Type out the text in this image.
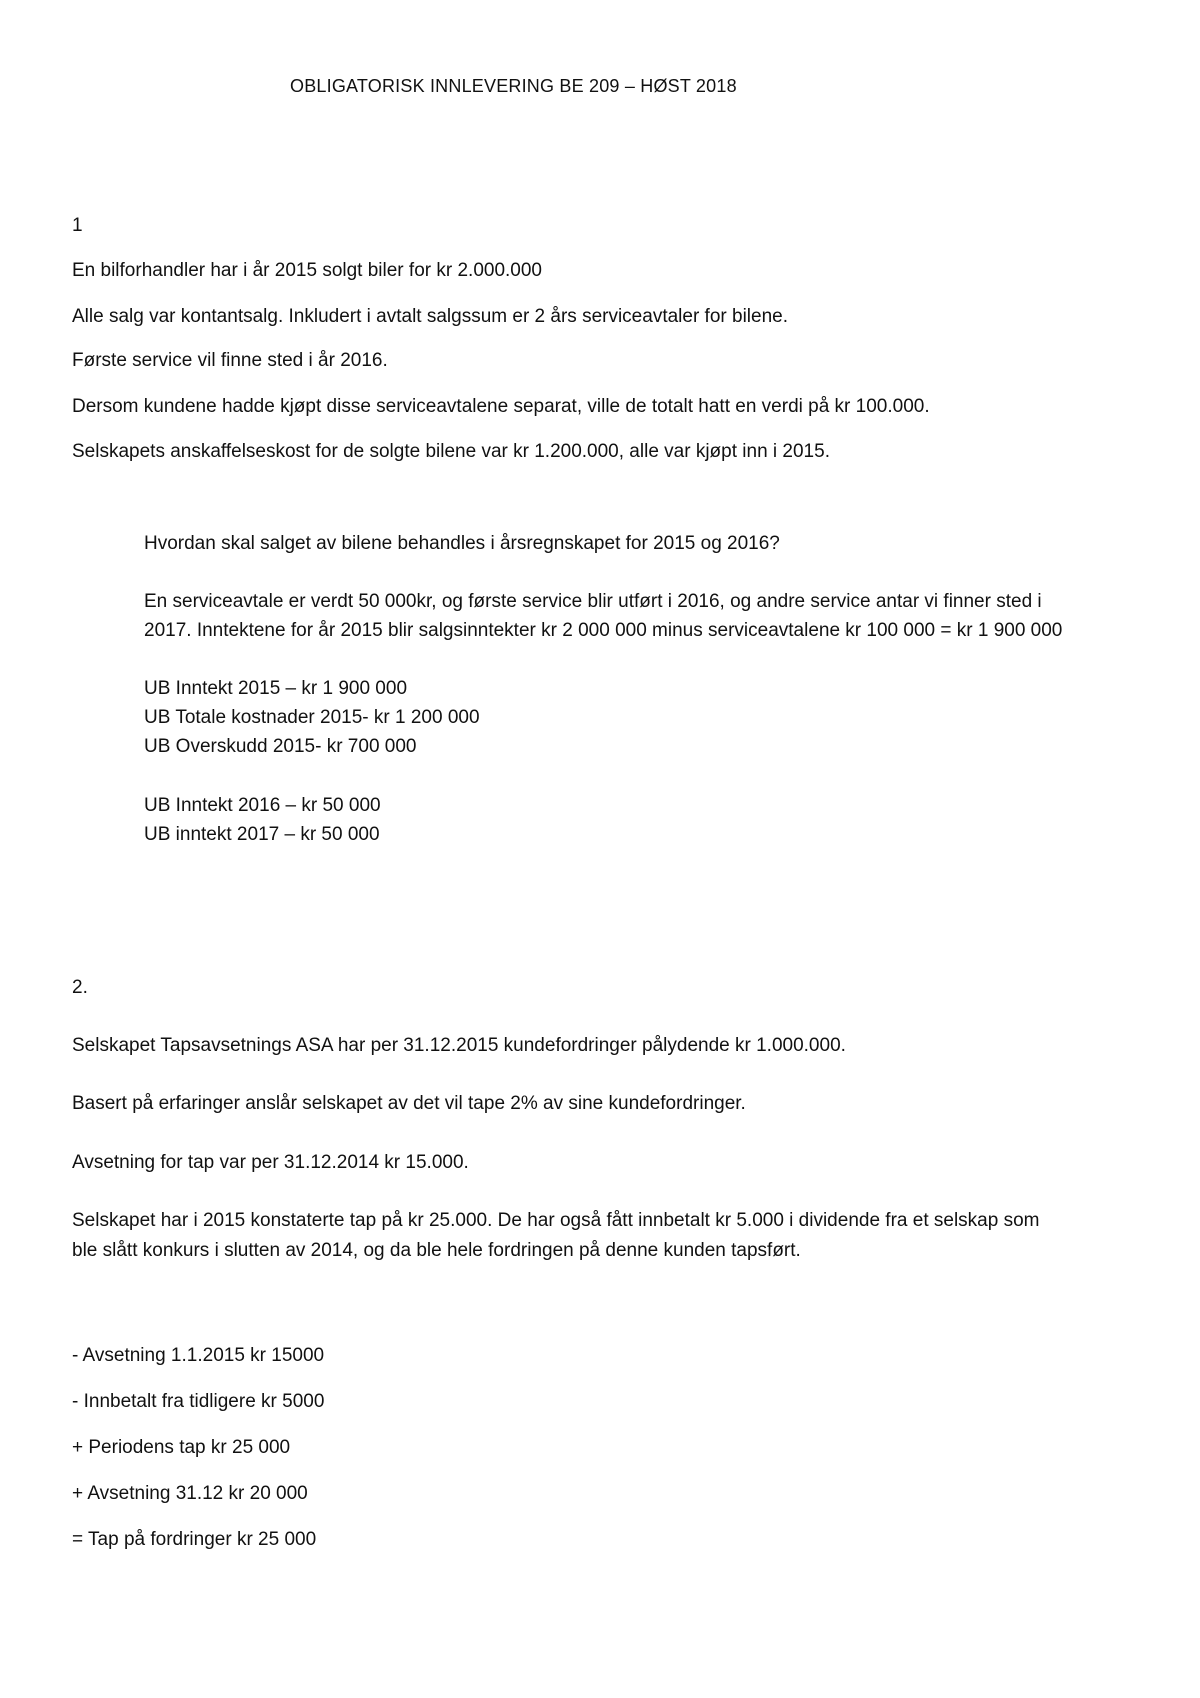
OBLIGATORISK INNLEVERING BE 209 – HØST 2018

1

En bilforhandler har i år 2015 solgt biler for kr 2.000.000

Alle salg var kontantsalg. Inkludert i avtalt salgssum er 2 års serviceavtaler for bilene.

Første service vil finne sted i år 2016.

Dersom kundene hadde kjøpt disse serviceavtalene separat, ville de totalt hatt en verdi på kr 100.000.

Selskapets anskaffelseskost for de solgte bilene var kr 1.200.000, alle var kjøpt inn i 2015.

Hvordan skal salget av bilene behandles i årsregnskapet for 2015 og 2016?

En serviceavtale er verdt 50 000kr, og første service blir utført i 2016, og andre service antar vi finner sted i

2017. Inntektene for år 2015 blir salgsinntekter kr 2 000 000 minus serviceavtalene kr 100 000 = kr 1 900 000

UB Inntekt 2015 – kr 1 900 000

UB Totale kostnader 2015- kr 1 200 000

UB Overskudd 2015- kr 700 000

UB Inntekt 2016 – kr 50 000

UB inntekt 2017 – kr 50 000

2.

Selskapet Tapsavsetnings ASA har per 31.12.2015 kundefordringer pålydende kr 1.000.000.

Basert på erfaringer anslår selskapet av det vil tape 2% av sine kundefordringer.

Avsetning for tap var per 31.12.2014 kr 15.000.

Selskapet har i 2015 konstaterte tap på kr 25.000. De har også fått innbetalt kr 5.000 i dividende fra et selskap som

ble slått konkurs i slutten av 2014, og da ble hele fordringen på denne kunden tapsført.

- Avsetning 1.1.2015 kr 15000

- Innbetalt fra tidligere kr 5000

+ Periodens tap kr 25 000

+ Avsetning 31.12 kr 20 000

= Tap på fordringer kr 25 000
